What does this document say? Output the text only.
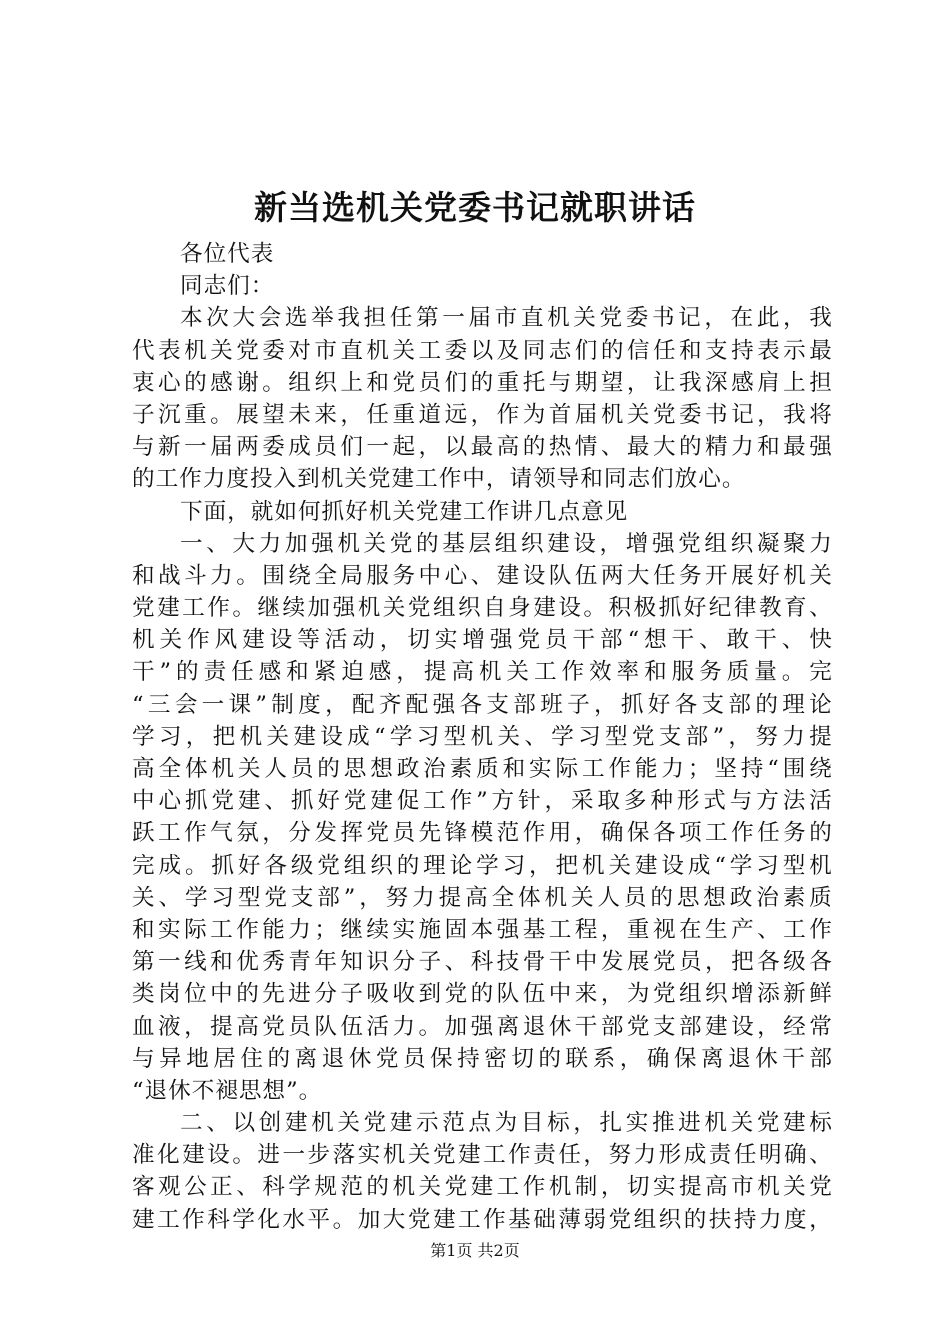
新当选机关党委书记就职讲话
各位代表
同志们：
本 次 大 会 选 举 我 担 任 第 一 届 市 直 机 关 党 委 书 记 ， 在 此 ， 我
代 表 机 关 党 委 对 市 直 机 关 工 委 以 及 同 志 们 的 信 任 和 支 持 表 示 最
衷 心 的 感 谢 。 组 织 上 和 党 员 们 的 重 托 与 期 望 ， 让 我 深 感 肩 上 担
子 沉 重 。 展 望 未 来 ， 任 重 道 远 ， 作 为 首 届 机 关 党 委 书 记 ， 我 将
与 新 一 届 两 委 成 员 们 一 起 ， 以 最 高 的 热 情 、 最 大 的 精 力 和 最 强
的工作力度投入到机关党建工作中，请领导和同志们放心。
下面，就如何抓好机关党建工作讲几点意见
一 、 大 力 加 强 机 关 党 的 基 层 组 织 建 设 ， 增 强 党 组 织 凝 聚 力
和 战 斗 力 。 围 绕 全 局 服 务 中 心 、 建 设 队 伍 两 大 任 务 开 展 好 机 关
党 建 工 作 。 继 续 加 强 机 关 党 组 织 自 身 建 设 。 积 极 抓 好 纪 律 教 育 、
机 关 作 风 建 设 等 活 动 ， 切 实 增 强 党 员 干 部 “ 想 干 、 敢 干 、 快
干 ” 的 责 任 感 和 紧 迫 感 ， 提 高 机 关 工 作 效 率 和 服 务 质 量 。 完
“ 三 会 一 课 ” 制 度 ， 配 齐 配 强 各 支 部 班 子 ， 抓 好 各 支 部 的 理 论
学 习 ， 把 机 关 建 设 成 “ 学 习 型 机 关 、 学 习 型 党 支 部 ” ， 努 力 提
高 全 体 机 关 人 员 的 思 想 政 治 素 质 和 实 际 工 作 能 力 ； 坚 持 “ 围 绕
中 心 抓 党 建 、 抓 好 党 建 促 工 作 ” 方 针 ， 采 取 多 种 形 式 与 方 法 活
跃 工 作 气 氛 ， 分 发 挥 党 员 先 锋 模 范 作 用 ， 确 保 各 项 工 作 任 务 的
完 成 。 抓 好 各 级 党 组 织 的 理 论 学 习 ， 把 机 关 建 设 成 “ 学 习 型 机
关 、 学 习 型 党 支 部 ” ， 努 力 提 高 全 体 机 关 人 员 的 思 想 政 治 素 质
和 实 际 工 作 能 力 ； 继 续 实 施 固 本 强 基 工 程 ， 重 视 在 生 产 、 工 作
第 一 线 和 优 秀 青 年 知 识 分 子 、 科 技 骨 干 中 发 展 党 员 ， 把 各 级 各
类 岗 位 中 的 先 进 分 子 吸 收 到 党 的 队 伍 中 来 ， 为 党 组 织 增 添 新 鲜
血 液 ， 提 高 党 员 队 伍 活 力 。 加 强 离 退 休 干 部 党 支 部 建 设 ， 经 常
与 异 地 居 住 的 离 退 休 党 员 保 持 密 切 的 联 系 ， 确 保 离 退 休 干 部
“退休不褪思想”。
二 、 以 创 建 机 关 党 建 示 范 点 为 目 标 ， 扎 实 推 进 机 关 党 建 标
准 化 建 设 。 进 一 步 落 实 机 关 党 建 工 作 责 任 ， 努 力 形 成 责 任 明 确 、
客 观 公 正 、 科 学 规 范 的 机 关 党 建 工 作 机 制 ， 切 实 提 高 市 机 关 党
建 工 作 科 学 化 水 平 。 加 大 党 建 工 作 基 础 薄 弱 党 组 织 的 扶 持 力 度 ，
第1页 共2页
